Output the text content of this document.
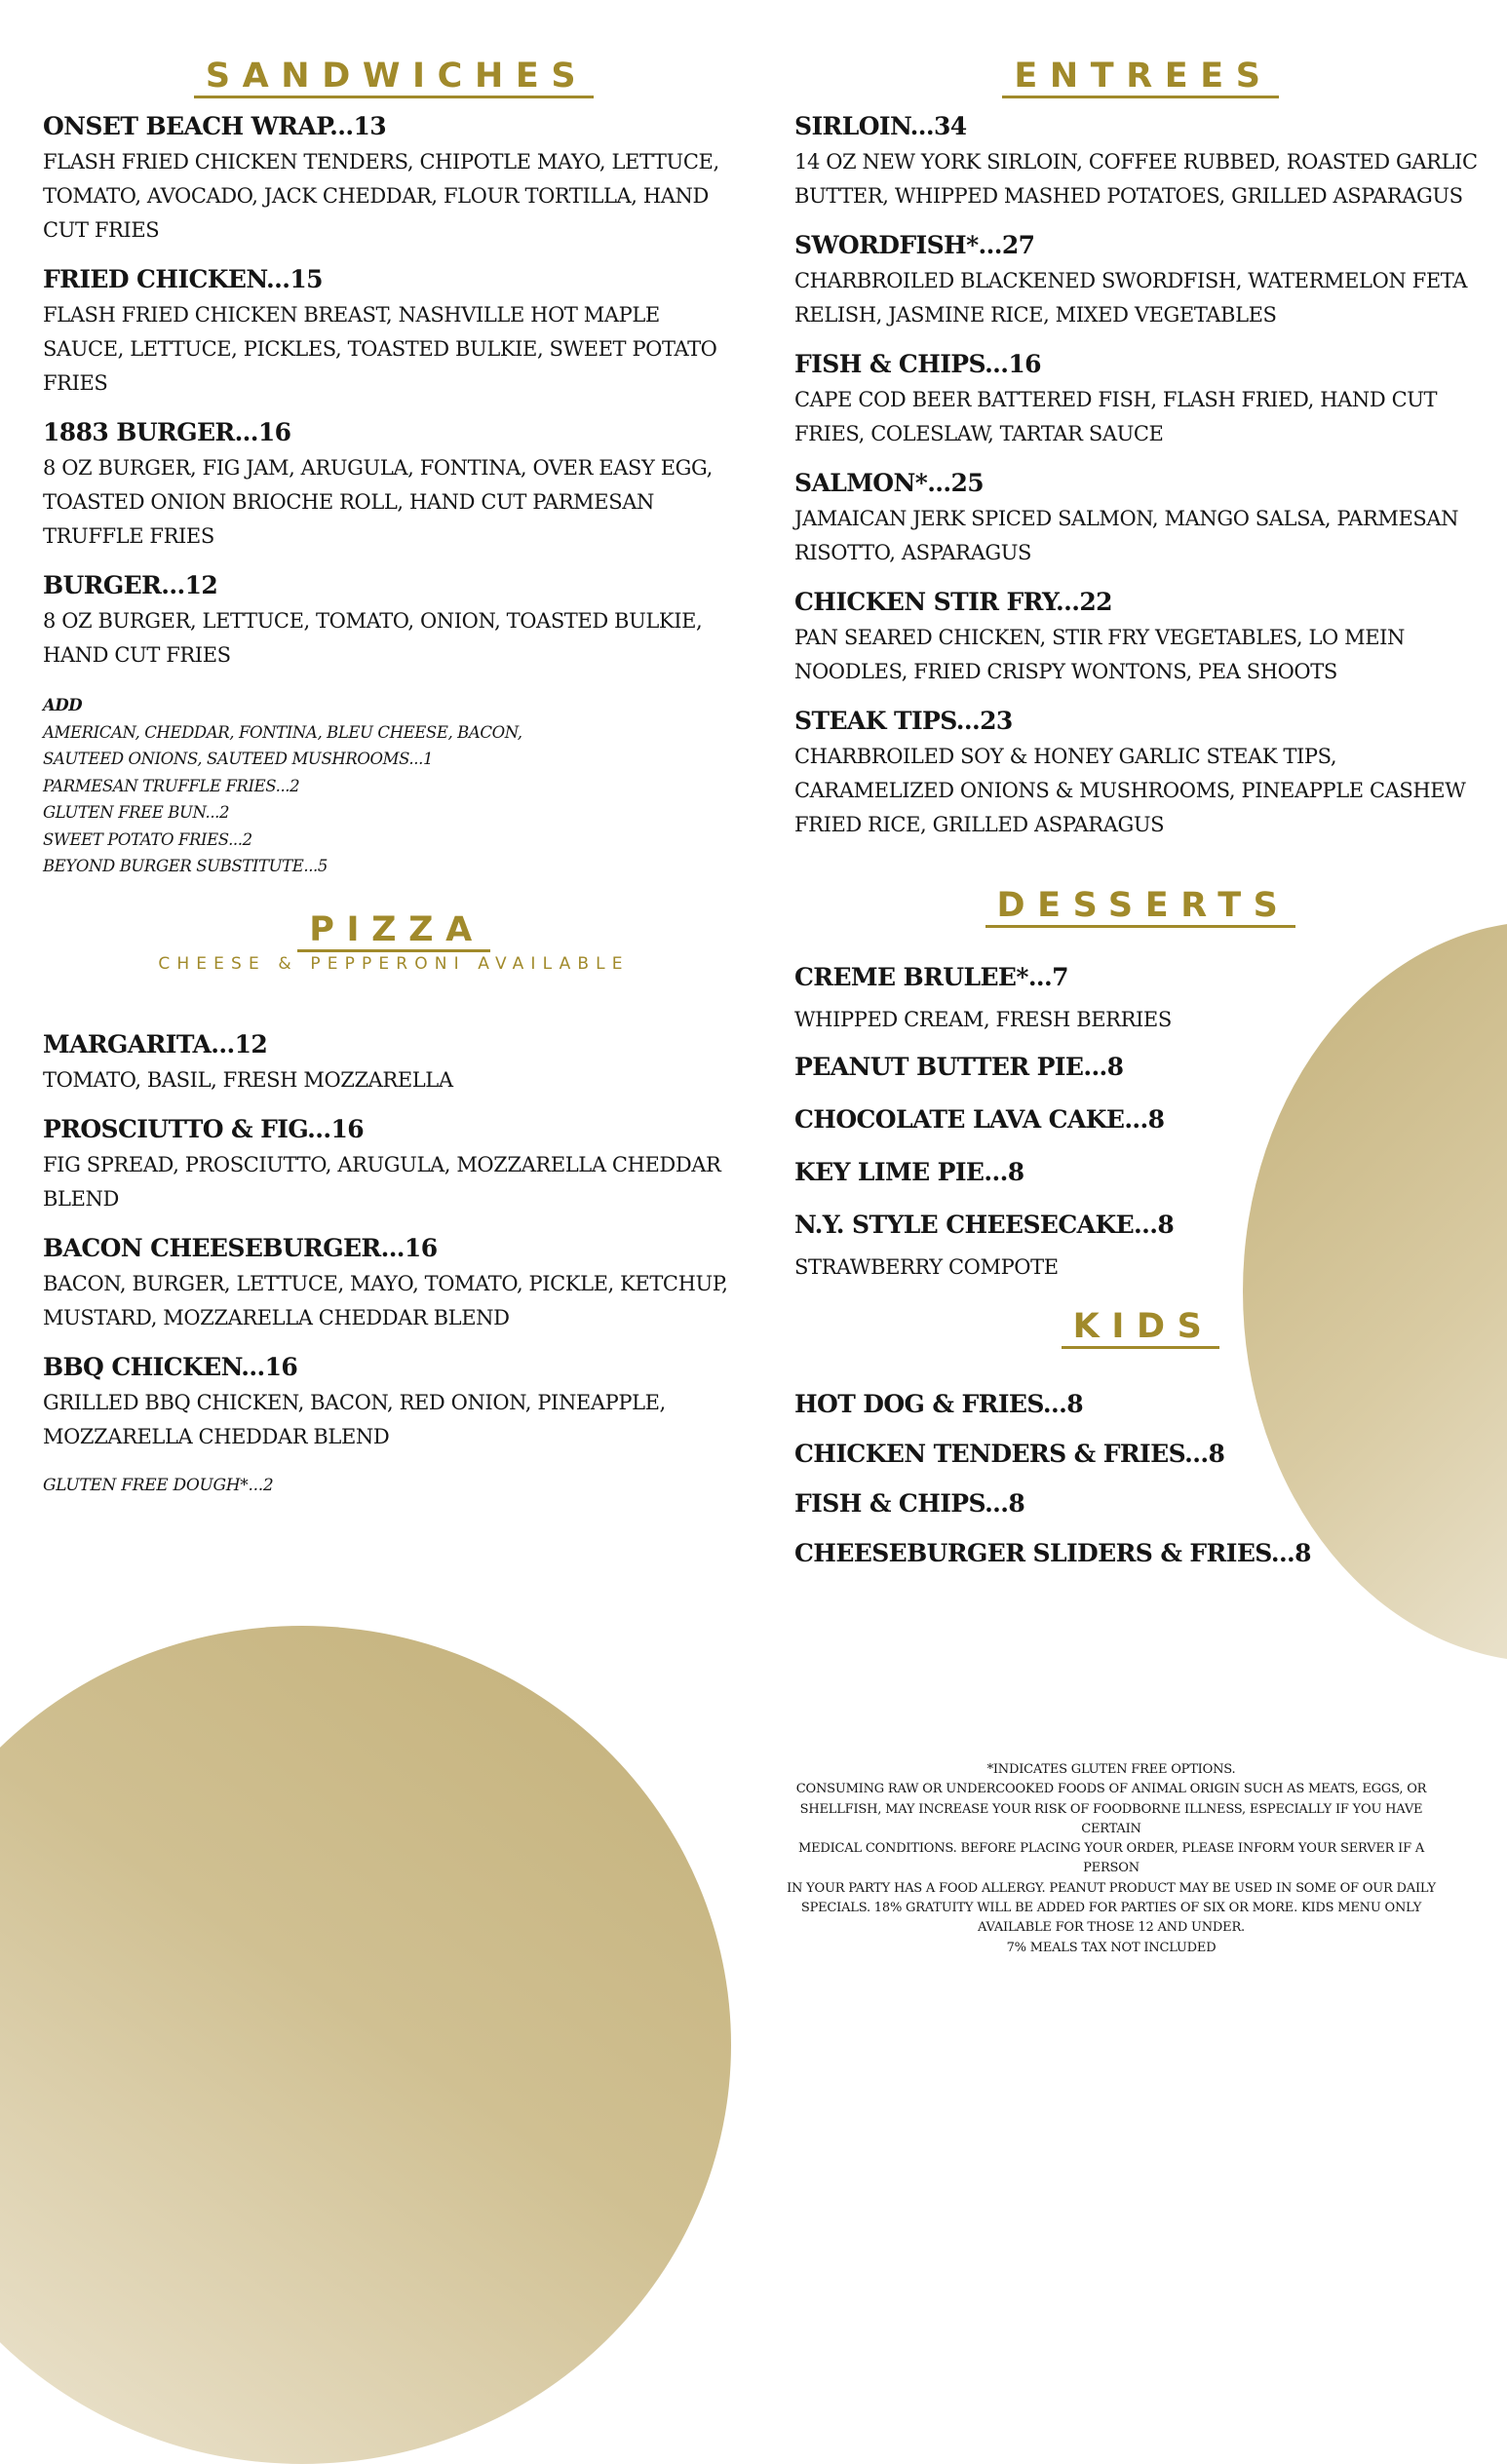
SANDWICHES
ONSET BEACH WRAP...13
FLASH FRIED CHICKEN TENDERS, CHIPOTLE MAYO, LETTUCE, TOMATO, AVOCADO, JACK CHEDDAR, FLOUR TORTILLA, HAND CUT FRIES
FRIED CHICKEN...15
FLASH FRIED CHICKEN BREAST, NASHVILLE HOT MAPLE SAUCE, LETTUCE, PICKLES, TOASTED BULKIE, SWEET POTATO FRIES
1883 BURGER...16
8 OZ BURGER, FIG JAM, ARUGULA, FONTINA, OVER EASY EGG, TOASTED ONION BRIOCHE ROLL, HAND CUT PARMESAN TRUFFLE FRIES
BURGER...12
8 OZ BURGER, LETTUCE, TOMATO, ONION, TOASTED BULKIE, HAND CUT FRIES
ADD
AMERICAN, CHEDDAR, FONTINA, BLEU CHEESE, BACON,
SAUTEED ONIONS, SAUTEED MUSHROOMS...1
PARMESAN TRUFFLE FRIES...2
GLUTEN FREE BUN...2
SWEET POTATO FRIES...2
BEYOND BURGER SUBSTITUTE...5
PIZZA
CHEESE & PEPPERONI AVAILABLE
MARGARITA...12
TOMATO, BASIL, FRESH MOZZARELLA
PROSCIUTTO & FIG...16
FIG SPREAD, PROSCIUTTO, ARUGULA, MOZZARELLA CHEDDAR BLEND
BACON CHEESEBURGER...16
BACON, BURGER, LETTUCE, MAYO, TOMATO, PICKLE, KETCHUP, MUSTARD, MOZZARELLA CHEDDAR BLEND
BBQ CHICKEN...16
GRILLED BBQ CHICKEN, BACON, RED ONION, PINEAPPLE, MOZZARELLA CHEDDAR BLEND
GLUTEN FREE DOUGH*...2
ENTREES
SIRLOIN...34
14 OZ NEW YORK SIRLOIN, COFFEE RUBBED, ROASTED GARLIC BUTTER, WHIPPED MASHED POTATOES, GRILLED ASPARAGUS
SWORDFISH*...27
CHARBROILED BLACKENED SWORDFISH, WATERMELON FETA RELISH, JASMINE RICE, MIXED VEGETABLES
FISH & CHIPS...16
CAPE COD BEER BATTERED FISH, FLASH FRIED, HAND CUT FRIES, COLESLAW, TARTAR SAUCE
SALMON*...25
JAMAICAN JERK SPICED SALMON, MANGO SALSA, PARMESAN RISOTTO, ASPARAGUS
CHICKEN STIR FRY...22
PAN SEARED CHICKEN, STIR FRY VEGETABLES, LO MEIN NOODLES, FRIED CRISPY WONTONS, PEA SHOOTS
STEAK TIPS...23
CHARBROILED SOY & HONEY GARLIC STEAK TIPS, CARAMELIZED ONIONS & MUSHROOMS, PINEAPPLE CASHEW FRIED RICE, GRILLED ASPARAGUS
DESSERTS
CREME BRULEE*...7
WHIPPED CREAM, FRESH BERRIES
PEANUT BUTTER PIE...8
CHOCOLATE LAVA CAKE...8
KEY LIME PIE...8
N.Y. STYLE CHEESECAKE...8
STRAWBERRY COMPOTE
KIDS
HOT DOG & FRIES...8
CHICKEN TENDERS & FRIES...8
FISH & CHIPS...8
CHEESEBURGER SLIDERS & FRIES...8
*INDICATES GLUTEN FREE OPTIONS.
CONSUMING RAW OR UNDERCOOKED FOODS OF ANIMAL ORIGIN SUCH AS MEATS, EGGS, OR
SHELLFISH, MAY INCREASE YOUR RISK OF FOODBORNE ILLNESS, ESPECIALLY IF YOU HAVE CERTAIN
MEDICAL CONDITIONS. BEFORE PLACING YOUR ORDER, PLEASE INFORM YOUR SERVER IF A PERSON
IN YOUR PARTY HAS A FOOD ALLERGY. PEANUT PRODUCT MAY BE USED IN SOME OF OUR DAILY
SPECIALS. 18% GRATUITY WILL BE ADDED FOR PARTIES OF SIX OR MORE. KIDS MENU ONLY
AVAILABLE FOR THOSE 12 AND UNDER.
7% MEALS TAX NOT INCLUDED
